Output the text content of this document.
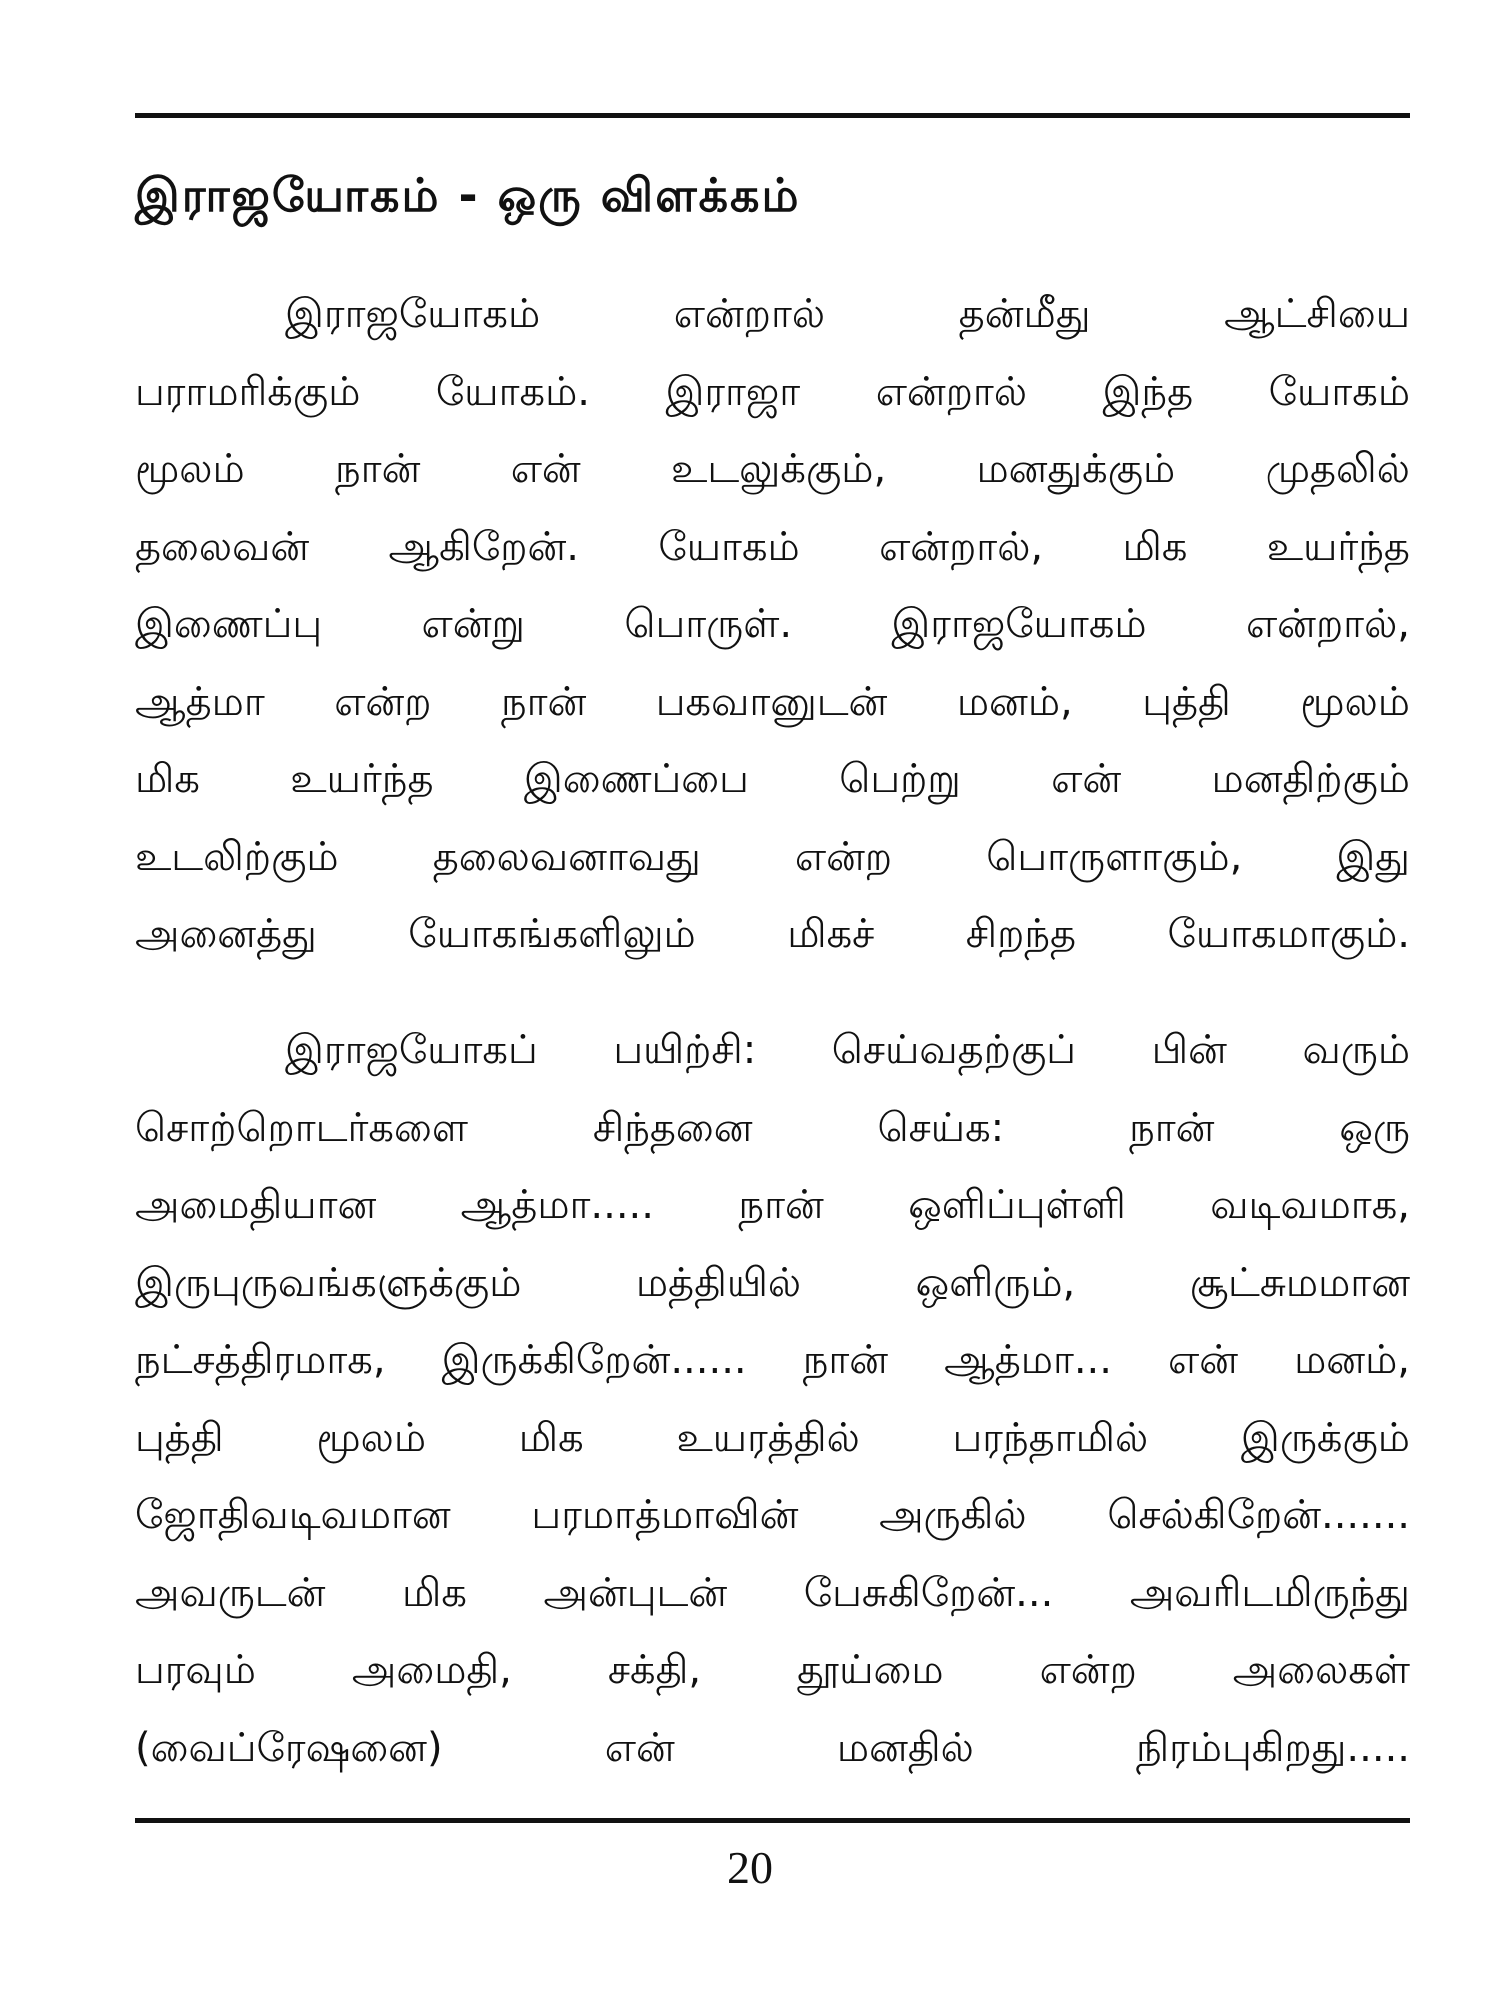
இராஜயோகம் - ஒரு விளக்கம்
இராஜயோகம் என்றால் தன்மீது ஆட்சியை
பராமரிக்கும் யோகம். இராஜா என்றால் இந்த யோகம்
மூலம் நான் என் உடலுக்கும், மனதுக்கும் முதலில்
தலைவன் ஆகிறேன். யோகம் என்றால், மிக உயர்ந்த
இணைப்பு என்று பொருள். இராஜயோகம் என்றால்,
ஆத்மா என்ற நான் பகவானுடன் மனம், புத்தி மூலம்
மிக உயர்ந்த இணைப்பை பெற்று என் மனதிற்கும்
உடலிற்கும் தலைவனாவது என்ற பொருளாகும், இது
அனைத்து யோகங்களிலும் மிகச் சிறந்த யோகமாகும்.
இராஜயோகப் பயிற்சி: செய்வதற்குப் பின் வரும்
சொற்றொடர்களை சிந்தனை செய்க: நான் ஒரு
அமைதியான ஆத்மா..... நான் ஒளிப்புள்ளி வடிவமாக,
இருபுருவங்களுக்கும் மத்தியில் ஒளிரும், சூட்சுமமான
நட்சத்திரமாக, இருக்கிறேன்...... நான் ஆத்மா... என் மனம்,
புத்தி மூலம் மிக உயரத்தில் பரந்தாமில் இருக்கும்
ஜோதிவடிவமான பரமாத்மாவின் அருகில் செல்கிறேன்.......
அவருடன் மிக அன்புடன் பேசுகிறேன்... அவரிடமிருந்து
பரவும் அமைதி, சக்தி, தூய்மை என்ற அலைகள்
(வைப்ரேஷனை) என் மனதில் நிரம்புகிறது.....
20
